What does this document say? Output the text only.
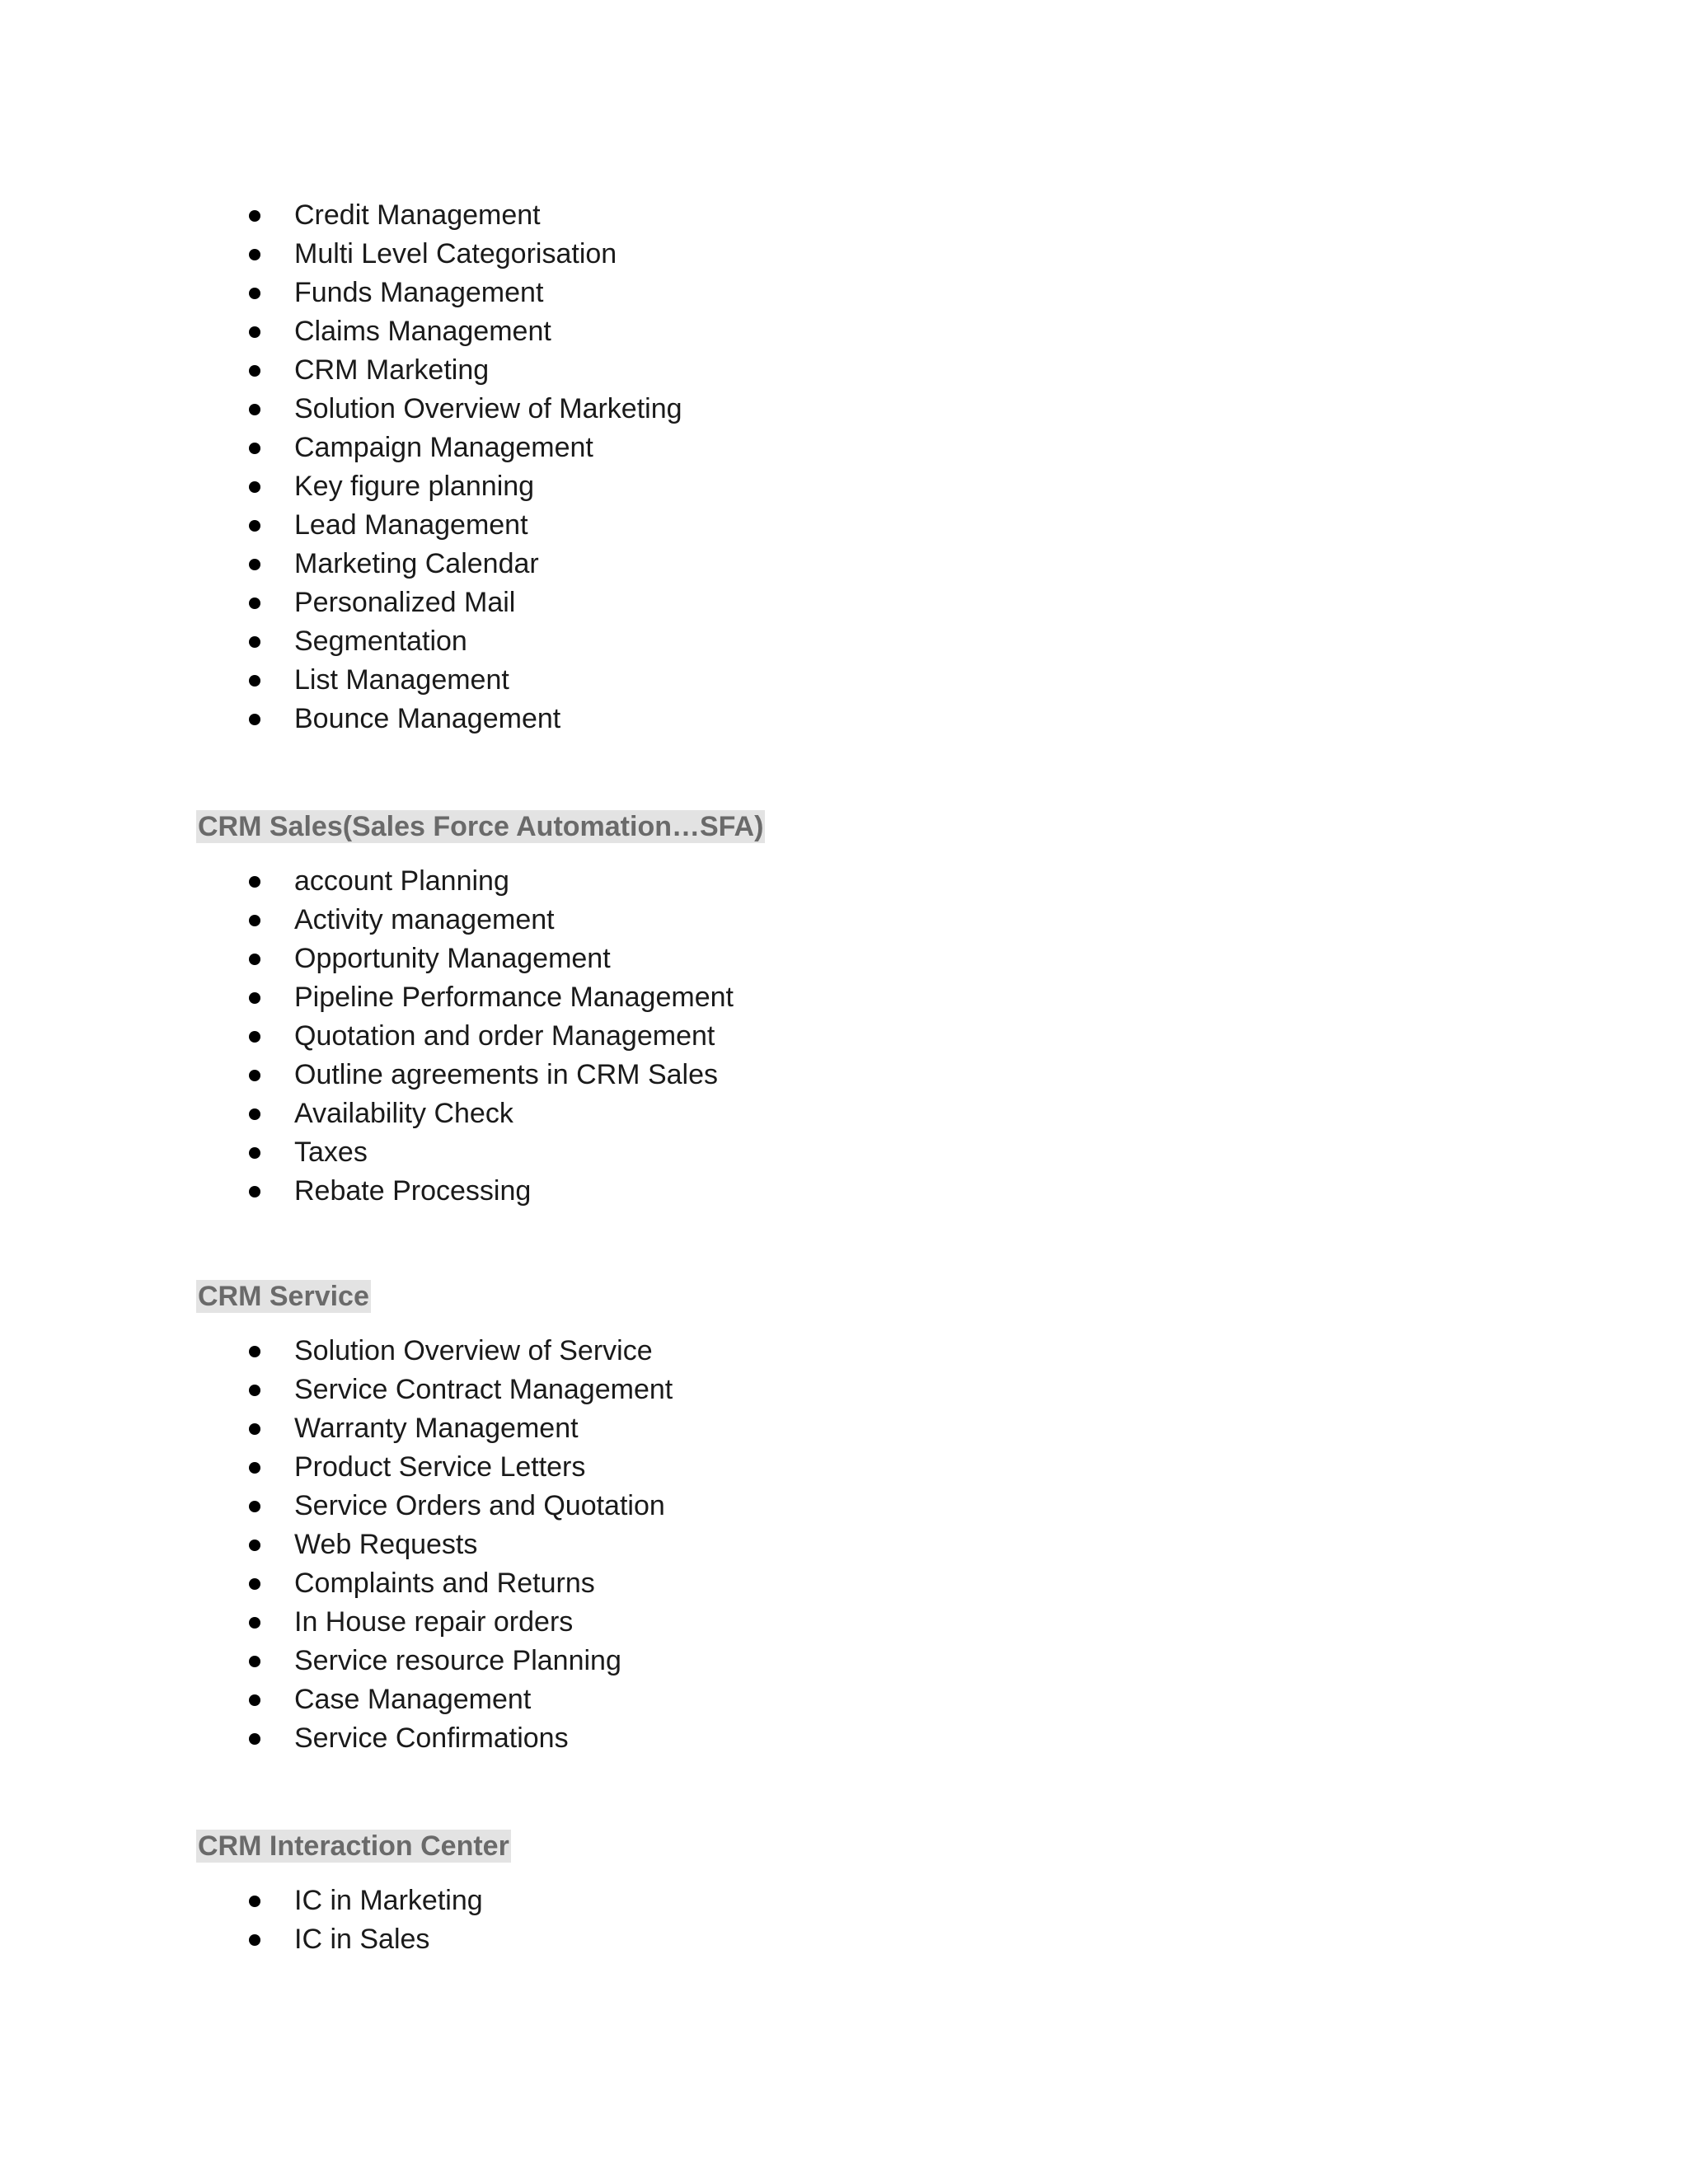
Credit Management
Multi Level Categorisation
Funds Management
Claims Management
CRM Marketing
Solution Overview of Marketing
Campaign Management
Key figure planning
Lead Management
Marketing Calendar
Personalized Mail
Segmentation
List Management
Bounce Management
CRM Sales(Sales Force Automation…SFA)
account Planning
Activity management
Opportunity Management
Pipeline Performance Management
Quotation and order Management
Outline agreements in CRM Sales
Availability Check
Taxes
Rebate Processing
CRM Service
Solution Overview of Service
Service Contract Management
Warranty Management
Product Service Letters
Service Orders and Quotation
Web Requests
Complaints and Returns
In House repair orders
Service resource Planning
Case Management
Service Confirmations
CRM Interaction Center
IC in Marketing
IC in Sales
